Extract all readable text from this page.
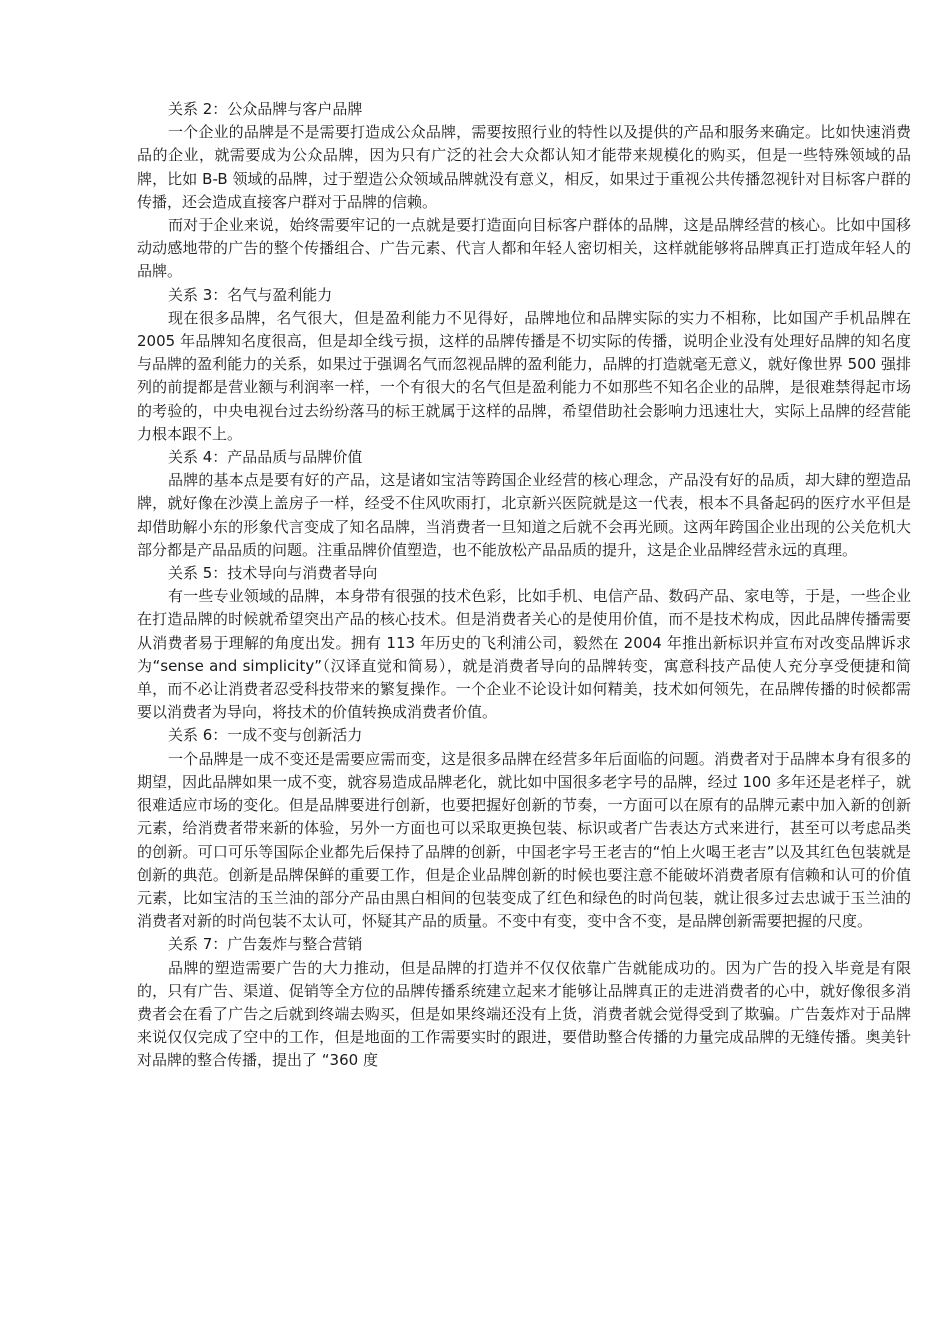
关系 2：公众品牌与客户品牌

一个企业的品牌是不是需要打造成公众品牌，需要按照行业的特性以及提供的产品和服务来确定。比如快速消费品的企业，就需要成为公众品牌，因为只有广泛的社会大众都认知才能带来规模化的购买，但是一些特殊领域的品牌，比如 B-B 领域的品牌，过于塑造公众领域品牌就没有意义，相反，如果过于重视公共传播忽视针对目标客户群的传播，还会造成直接客户群对于品牌的信赖。

而对于企业来说，始终需要牢记的一点就是要打造面向目标客户群体的品牌，这是品牌经营的核心。比如中国移动动感地带的广告的整个传播组合、广告元素、代言人都和年轻人密切相关，这样就能够将品牌真正打造成年轻人的品牌。

关系 3：名气与盈利能力

现在很多品牌，名气很大，但是盈利能力不见得好，品牌地位和品牌实际的实力不相称，比如国产手机品牌在 2005 年品牌知名度很高，但是却全线亏损，这样的品牌传播是不切实际的传播，说明企业没有处理好品牌的知名度与品牌的盈利能力的关系，如果过于强调名气而忽视品牌的盈利能力，品牌的打造就毫无意义，就好像世界 500 强排列的前提都是营业额与利润率一样，一个有很大的名气但是盈利能力不如那些不知名企业的品牌，是很难禁得起市场的考验的，中央电视台过去纷纷落马的标王就属于这样的品牌，希望借助社会影响力迅速壮大，实际上品牌的经营能力根本跟不上。

关系 4：产品品质与品牌价值

品牌的基本点是要有好的产品，这是诸如宝洁等跨国企业经营的核心理念，产品没有好的品质，却大肆的塑造品牌，就好像在沙漠上盖房子一样，经受不住风吹雨打，北京新兴医院就是这一代表，根本不具备起码的医疗水平但是却借助解小东的形象代言变成了知名品牌，当消费者一旦知道之后就不会再光顾。这两年跨国企业出现的公关危机大部分都是产品品质的问题。注重品牌价值塑造，也不能放松产品品质的提升，这是企业品牌经营永远的真理。

关系 5：技术导向与消费者导向

有一些专业领域的品牌，本身带有很强的技术色彩，比如手机、电信产品、数码产品、家电等，于是，一些企业在打造品牌的时候就希望突出产品的核心技术。但是消费者关心的是使用价值，而不是技术构成，因此品牌传播需要从消费者易于理解的角度出发。拥有 113 年历史的飞利浦公司，毅然在 2004 年推出新标识并宣布对改变品牌诉求为“sense and simplicity”（汉译直觉和简易），就是消费者导向的品牌转变，寓意科技产品使人充分享受便捷和简单，而不必让消费者忍受科技带来的繁复操作。一个企业不论设计如何精美，技术如何领先，在品牌传播的时候都需要以消费者为导向，将技术的价值转换成消费者价值。

关系 6：一成不变与创新活力

一个品牌是一成不变还是需要应需而变，这是很多品牌在经营多年后面临的问题。消费者对于品牌本身有很多的期望，因此品牌如果一成不变，就容易造成品牌老化，就比如中国很多老字号的品牌，经过 100 多年还是老样子，就很难适应市场的变化。但是品牌要进行创新，也要把握好创新的节奏，一方面可以在原有的品牌元素中加入新的创新元素，给消费者带来新的体验，另外一方面也可以采取更换包装、标识或者广告表达方式来进行，甚至可以考虑品类的创新。可口可乐等国际企业都先后保持了品牌的创新，中国老字号王老吉的“怕上火喝王老吉”以及其红色包装就是创新的典范。创新是品牌保鲜的重要工作，但是企业品牌创新的时候也要注意不能破坏消费者原有信赖和认可的价值元素，比如宝洁的玉兰油的部分产品由黑白相间的包装变成了红色和绿色的时尚包装，就让很多过去忠诚于玉兰油的消费者对新的时尚包装不太认可，怀疑其产品的质量。不变中有变，变中含不变，是品牌创新需要把握的尺度。

关系 7：广告轰炸与整合营销

品牌的塑造需要广告的大力推动，但是品牌的打造并不仅仅依靠广告就能成功的。因为广告的投入毕竟是有限的，只有广告、渠道、促销等全方位的品牌传播系统建立起来才能够让品牌真正的走进消费者的心中，就好像很多消费者会在看了广告之后就到终端去购买，但是如果终端还没有上货，消费者就会觉得受到了欺骗。广告轰炸对于品牌来说仅仅完成了空中的工作，但是地面的工作需要实时的跟进，要借助整合传播的力量完成品牌的无缝传播。奥美针对品牌的整合传播，提出了 “360 度
